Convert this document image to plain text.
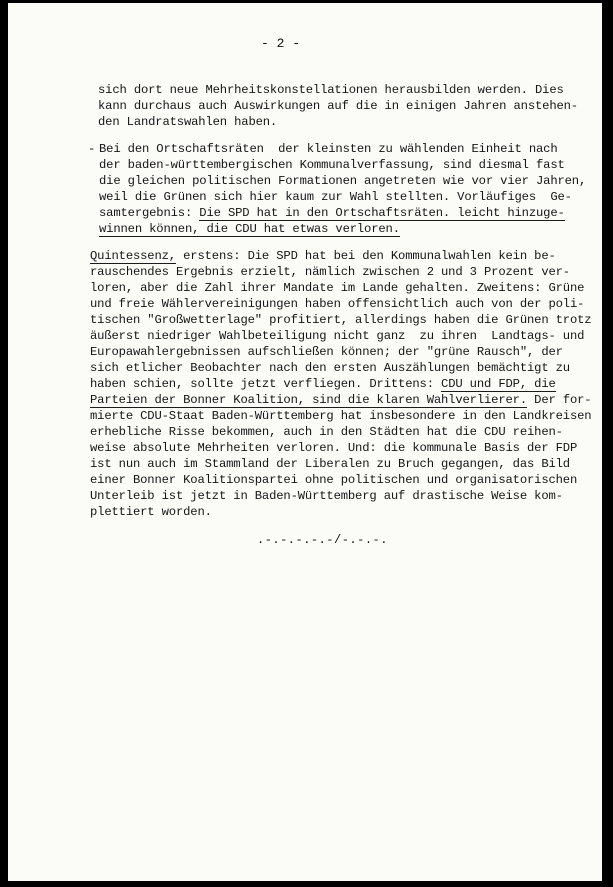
- 2 -
sich dort neue Mehrheitskonstellationen herausbilden werden. Dies
kann durchaus auch Auswirkungen auf die in einigen Jahren anstehen-
den Landratswahlen haben.
- Bei den Ortschaftsräten  der kleinsten zu wählenden Einheit nach
der baden-württembergischen Kommunalverfassung, sind diesmal fast
die gleichen politischen Formationen angetreten wie vor vier Jahren,
weil die Grünen sich hier kaum zur Wahl stellten. Vorläufiges  Ge-
samtergebnis: Die SPD hat in den Ortschaftsräten. leicht hinzuge-
winnen können, die CDU hat etwas verloren.
Quintessenz, erstens: Die SPD hat bei den Kommunalwahlen kein be-
rauschendes Ergebnis erzielt, nämlich zwischen 2 und 3 Prozent ver-
loren, aber die Zahl ihrer Mandate im Lande gehalten. Zweitens: Grüne
und freie Wählervereinigungen haben offensichtlich auch von der poli-
tischen "Großwetterlage" profitiert, allerdings haben die Grünen trotz
äußerst niedriger Wahlbeteiligung nicht ganz  zu ihren  Landtags- und
Europawahlergebnissen aufschließen können; der "grüne Rausch", der
sich etlicher Beobachter nach den ersten Auszählungen bemächtigt zu
haben schien, sollte jetzt verfliegen. Drittens: CDU und FDP, die
Parteien der Bonner Koalition, sind die klaren Wahlverlierer. Der for-
mierte CDU-Staat Baden-Württemberg hat insbesondere in den Landkreisen
erhebliche Risse bekommen, auch in den Städten hat die CDU reihen-
weise absolute Mehrheiten verloren. Und: die kommunale Basis der FDP
ist nun auch im Stammland der Liberalen zu Bruch gegangen, das Bild
einer Bonner Koalitionspartei ohne politischen und organisatorischen
Unterleib ist jetzt in Baden-Württemberg auf drastische Weise kom-
plettiert worden.
.-.-.-.-.-/-.-.-.
